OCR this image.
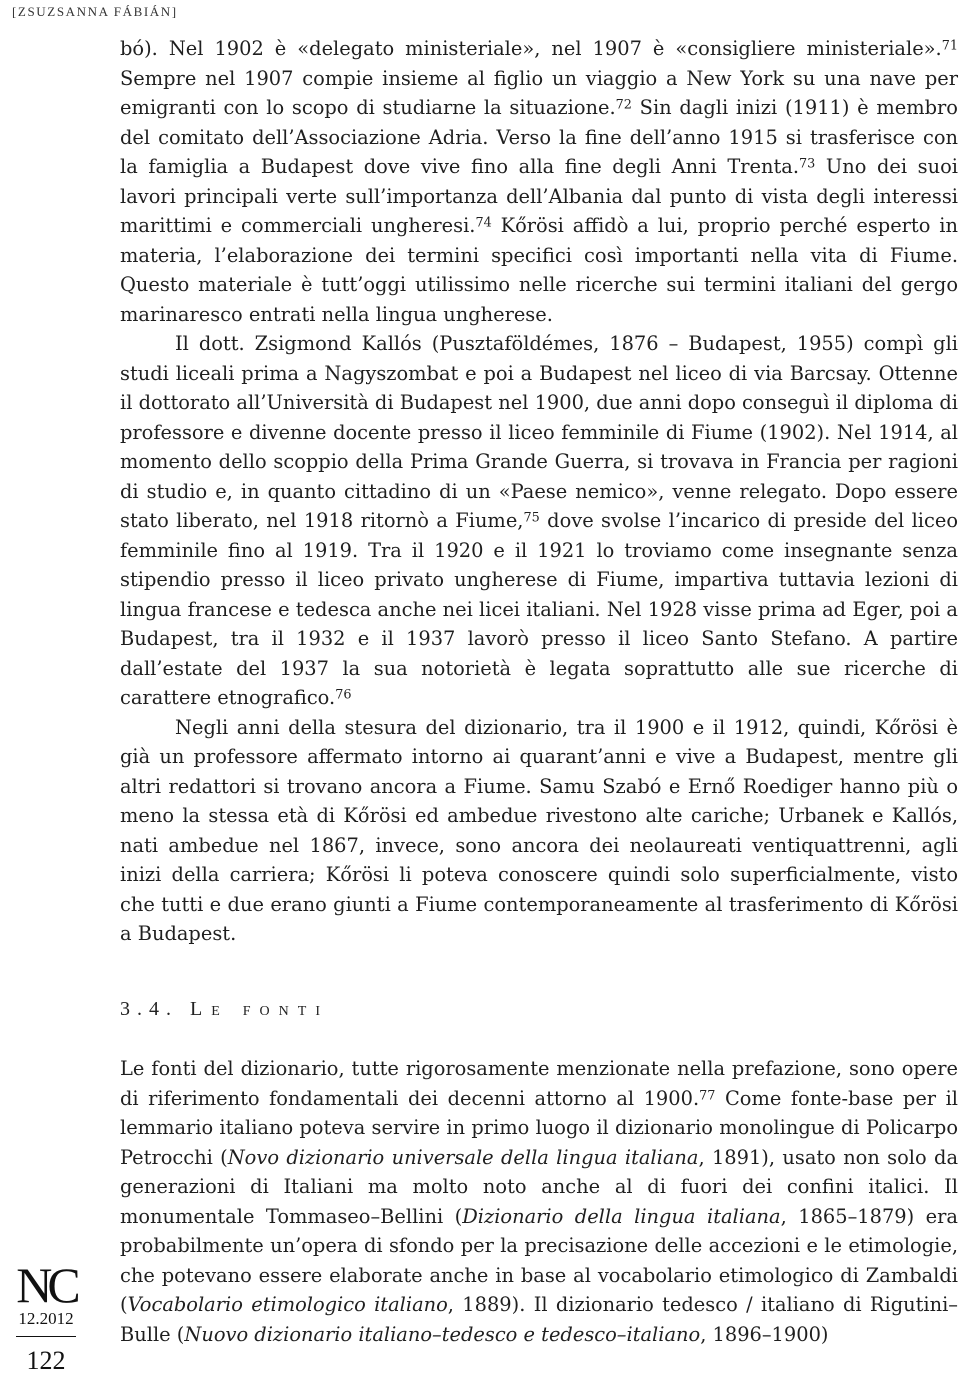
[ZSUZSANNA FÁBIÁN]

bó). Nel 1902 è «delegato ministeriale», nel 1907 è «consigliere ministeriale».$^{71}$ Sempre nel 1907 compie insieme al figlio un viaggio a New York su una nave per emigranti con lo scopo di studiarne la situazione.$^{72}$ Sin dagli inizi (1911) è membro del comitato dell’Associazione Adria. Verso la fine dell’anno 1915 si trasferisce con la famiglia a Budapest dove vive fino alla fine degli Anni Trenta.$^{73}$ Uno dei suoi lavori principali verte sull’importanza dell’Albania dal punto di vista degli interessi marittimi e commerciali ungheresi.$^{74}$ Kőrösi affidò a lui, proprio perché esperto in materia, l’elaborazione dei termini specifici così importanti nella vita di Fiume. Questo materiale è tutt’oggi utilissimo nelle ricerche sui termini italiani del gergo marinaresco entrati nella lingua ungherese.

Il dott. Zsigmond Kallós (Pusztaföldémes, 1876 – Budapest, 1955) compì gli studi liceali prima a Nagyszombat e poi a Budapest nel liceo di via Barcsay. Ottenne il dottorato all’Università di Budapest nel 1900, due anni dopo conseguì il diploma di professore e divenne docente presso il liceo femminile di Fiume (1902). Nel 1914, al momento dello scoppio della Prima Grande Guerra, si trovava in Francia per ragioni di studio e, in quanto cittadino di un «Paese nemico», venne relegato. Dopo essere stato liberato, nel 1918 ritornò a Fiume,$^{75}$ dove svolse l’incarico di preside del liceo femminile fino al 1919. Tra il 1920 e il 1921 lo troviamo come insegnante senza stipendio presso il liceo privato ungherese di Fiume, impartiva tuttavia lezioni di lingua francese e tedesca anche nei licei italiani. Nel 1928 visse prima ad Eger, poi a Budapest, tra il 1932 e il 1937 lavorò presso il liceo Santo Stefano. A partire dall’estate del 1937 la sua notorietà è legata soprattutto alle sue ricerche di carattere etnografico.$^{76}$

Negli anni della stesura del dizionario, tra il 1900 e il 1912, quindi, Kőrösi è già un professore affermato intorno ai quarant’anni e vive a Budapest, mentre gli altri redattori si trovano ancora a Fiume. Samu Szabó e Ernő Roediger hanno più o meno la stessa età di Kőrösi ed ambedue rivestono alte cariche; Urbanek e Kallós, nati ambedue nel 1867, invece, sono ancora dei neolaureati ventiquattrenni, agli inizi della carriera; Kőrösi li poteva conoscere quindi solo superficialmente, visto che tutti e due erano giunti a Fiume contemporaneamente al trasferimento di Kőrösi a Budapest.

3.4. Le fonti

Le fonti del dizionario, tutte rigorosamente menzionate nella prefazione, sono opere di riferimento fondamentali dei decenni attorno al 1900.77 Come fonte-base per il lemmario italiano poteva servire in primo luogo il dizionario monolingue di Policarpo Petrocchi (Novo dizionario universale della lingua italiana, 1891), usato non solo da generazioni di Italiani ma molto noto anche al di fuori dei confini italici. Il monumentale Tommaseo–Bellini (Dizionario della lingua italiana, 1865–1879) era probabilmente un’opera di sfondo per la precisazione delle accezioni e le etimologie, che potevano essere elaborate anche in base al vocabolario etimologico di Zambaldi (Vocabolario etimologico italiano, 1889). Il dizionario tedesco / italiano di Rigutini–Bulle (Nuovo dizionario italiano–tedesco e tedesco–italiano, 1896–1900)

NC
12.2012
122
